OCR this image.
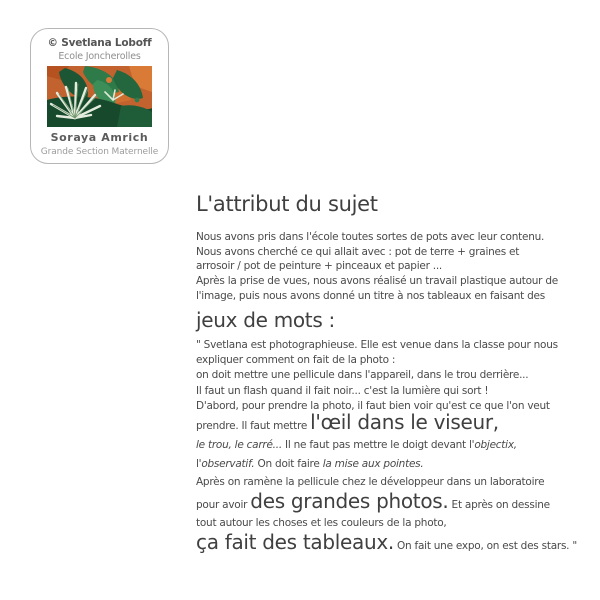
© Svetlana Loboff
Ecole Joncherolles
Soraya Amrich
Grande Section Maternelle
L'attribut du sujet
Nous avons pris dans l'école toutes sortes de pots avec leur contenu.
Nous avons cherché ce qui allait avec : pot de terre + graines et
arrosoir / pot de peinture + pinceaux et papier ...
Après la prise de vues, nous avons réalisé un travail plastique autour de
l'image, puis nous avons donné un titre à nos tableaux en faisant des
jeux de mots :
" Svetlana est photographieuse. Elle est venue dans la classe pour nous
expliquer comment on fait de la photo :
on doit mettre une pellicule dans l'appareil, dans le trou derrière...
Il faut un flash quand il fait noir... c'est la lumière qui sort !
D'abord, pour prendre la photo, il faut bien voir qu'est ce que l'on veut
prendre. Il faut mettre l'œil dans le viseur,
le trou, le carré... Il ne faut pas mettre le doigt devant l'objectix,
l'observatif. On doit faire la mise aux pointes.
Après on ramène la pellicule chez le développeur dans un laboratoire
pour avoir des grandes photos. Et après on dessine
tout autour les choses et les couleurs de la photo,
ça fait des tableaux. On fait une expo, on est des stars. "
